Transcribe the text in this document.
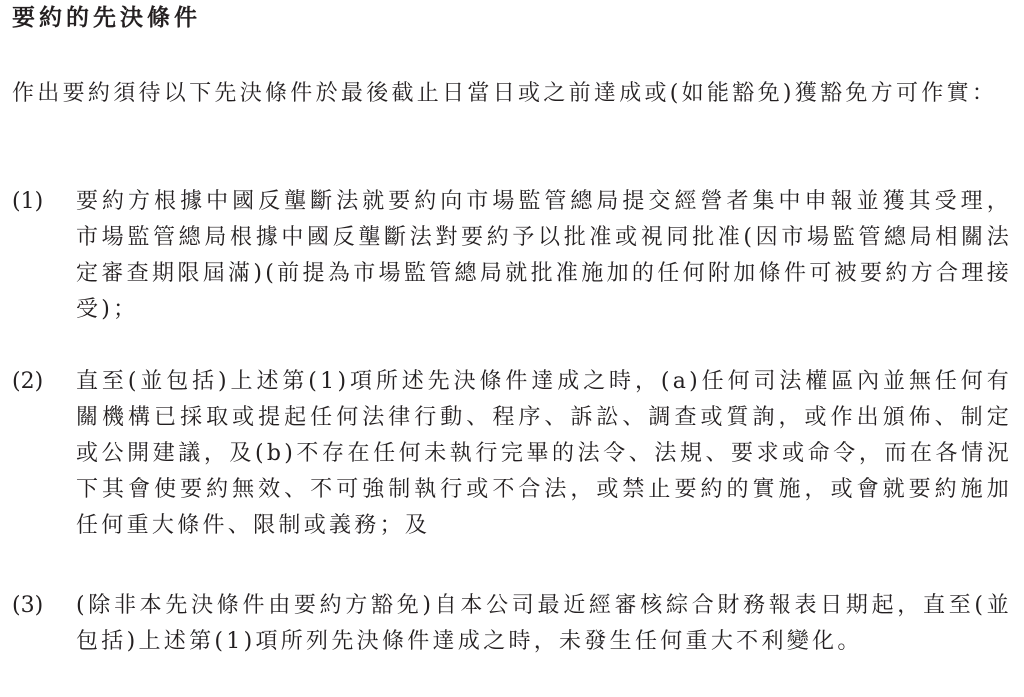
要約的先決條件

作出要約須待以下先決條件於最後截止日當日或之前達成或(如能豁免)獲豁免方可作實：

(1)	要約方根據中國反壟斷法就要約向市場監管總局提交經營者集中申報並獲其受理，市場監管總局根據中國反壟斷法對要約予以批准或視同批准(因市場監管總局相關法定審查期限屆滿)(前提為市場監管總局就批准施加的任何附加條件可被要約方合理接受)；

(2)	直至(並包括)上述第(1)項所述先決條件達成之時，(a)任何司法權區內並無任何有關機構已採取或提起任何法律行動、程序、訴訟、調查或質詢，或作出頒佈、制定或公開建議，及(b)不存在任何未執行完畢的法令、法規、要求或命令，而在各情況下其會使要約無效、不可強制執行或不合法，或禁止要約的實施，或會就要約施加任何重大條件、限制或義務；及

(3)	(除非本先決條件由要約方豁免)自本公司最近經審核綜合財務報表日期起，直至(並包括)上述第(1)項所列先決條件達成之時，未發生任何重大不利變化。
